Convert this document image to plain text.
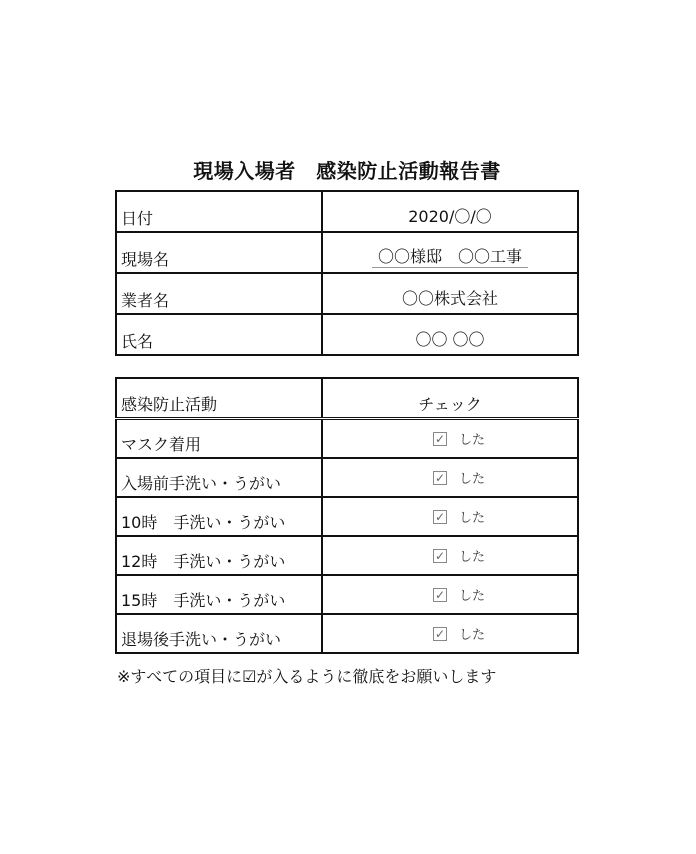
現場入場者　感染防止活動報告書
日付	2020/〇/〇
現場名	〇〇様邸　〇〇工事
業者名	〇〇株式会社
氏名	〇〇 〇〇
感染防止活動	チェック
マスク着用	✓ した

入場前手洗い・うがい	✓ した

10時　手洗い・うがい	✓ した

12時　手洗い・うがい	✓ した

15時　手洗い・うがい	✓ した

退場後手洗い・うがい	✓ した
※すべての項目に☑が入るように徹底をお願いします
